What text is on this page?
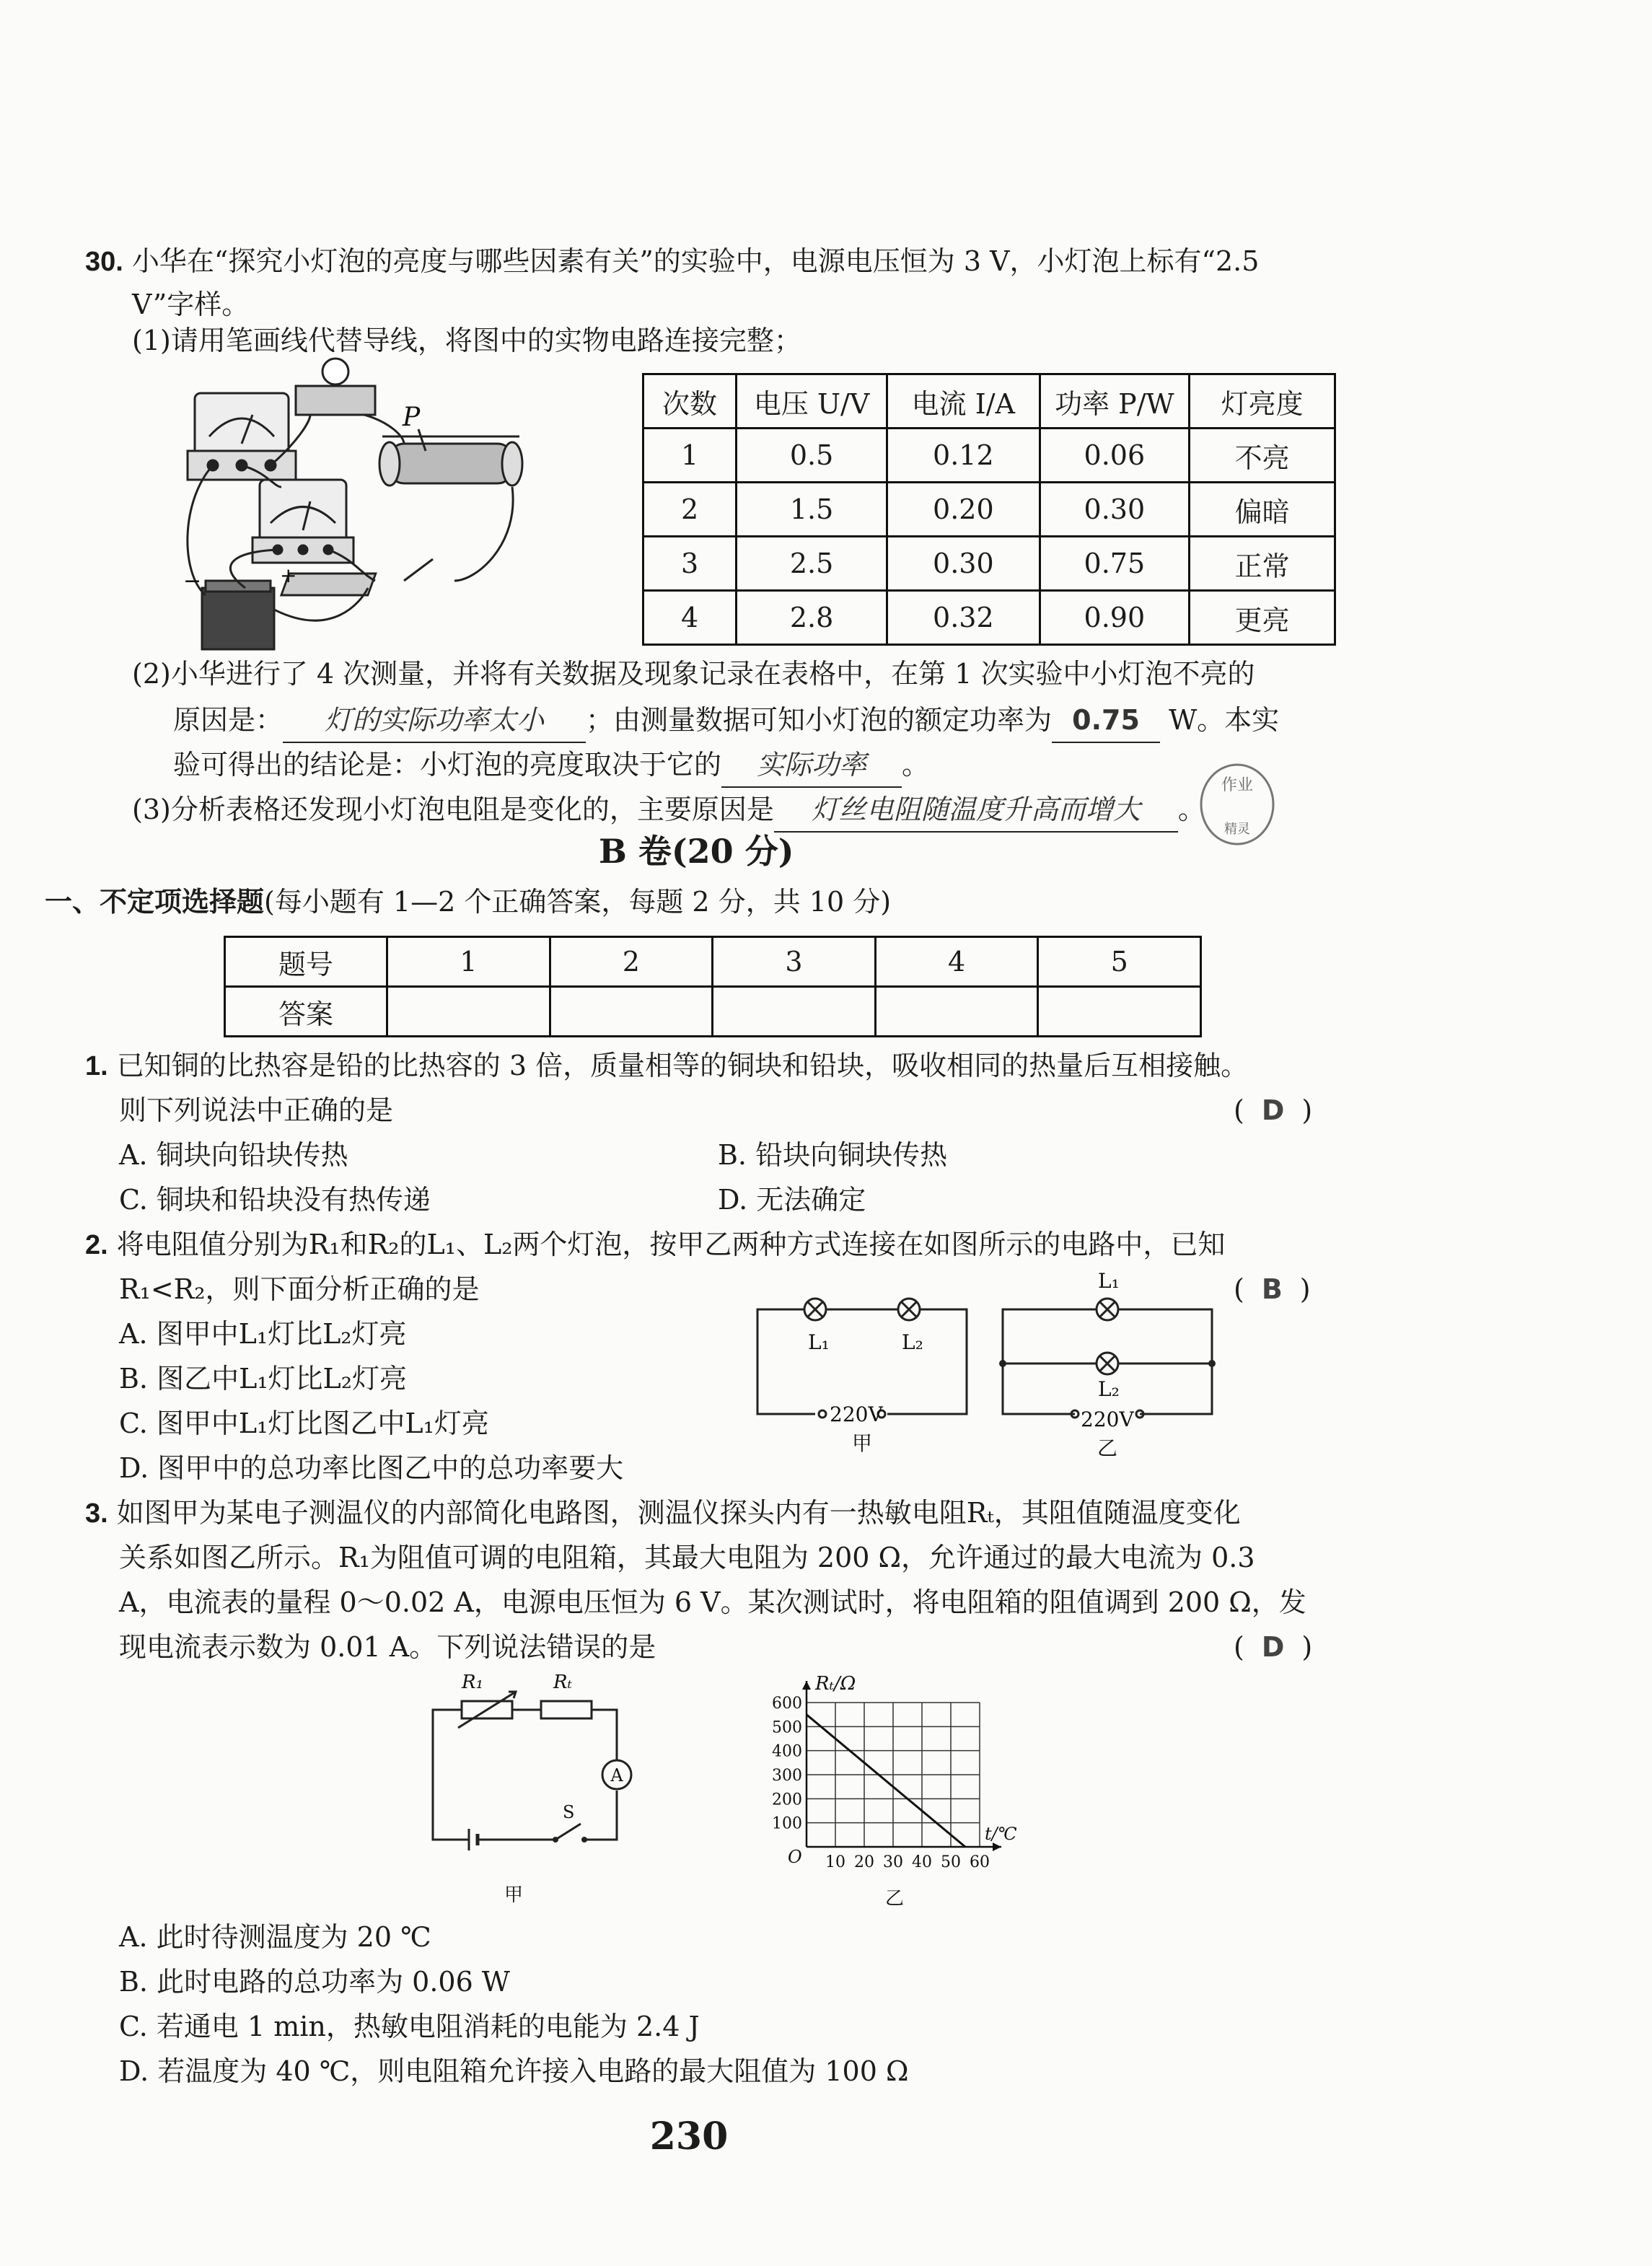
30. 小华在“探究小灯泡的亮度与哪些因素有关”的实验中，电源电压恒为 3 V，小灯泡上标有“2.5
V”字样。
(1)请用笔画线代替导线，将图中的实物电路连接完整；
P
+
−
次数	电压 U/V	电流 I/A	功率 P/W	灯亮度
1	0.5	0.12	0.06	不亮
2	1.5	0.20	0.30	偏暗
3	2.5	0.30	0.75	正常
4	2.8	0.32	0.90	更亮
(2)小华进行了 4 次测量，并将有关数据及现象记录在表格中，在第 1 次实验中小灯泡不亮的
原因是： 灯的实际功率太小 ；由测量数据可知小灯泡的额定功率为 0.75 W。本实
验可得出的结论是：小灯泡的亮度取决于它的 实际功率 。
(3)分析表格还发现小灯泡电阻是变化的，主要原因是 灯丝电阻随温度升高而增大 。
作业
精灵
B 卷(20 分)
一、不定项选择题(每小题有 1—2 个正确答案，每题 2 分，共 10 分)
题号	1	2	3	4	5
答案					
1. 已知铜的比热容是铅的比热容的 3 倍，质量相等的铜块和铅块，吸收相同的热量后互相接触。
则下列说法中正确的是	( D )
A. 铜块向铅块传热	B. 铅块向铜块传热
C. 铜块和铅块没有热传递	D. 无法确定
2. 将电阻值分别为R₁和R₂的L₁、L₂两个灯泡，按甲乙两种方式连接在如图所示的电路中，已知
R₁<R₂，则下面分析正确的是	( B )
A. 图甲中L₁灯比L₂灯亮
B. 图乙中L₁灯比L₂灯亮
C. 图甲中L₁灯比图乙中L₁灯亮
D. 图甲中的总功率比图乙中的总功率要大
L₁	L₂
220V
甲
L₁
L₂
220V
乙
3. 如图甲为某电子测温仪的内部简化电路图，测温仪探头内有一热敏电阻Rₜ，其阻值随温度变化
关系如图乙所示。R₁为阻值可调的电阻箱，其最大电阻为 200 Ω，允许通过的最大电流为 0.3
A，电流表的量程 0～0.02 A，电源电压恒为 6 V。某次测试时，将电阻箱的阻值调到 200 Ω，发
现电流表示数为 0.01 A。下列说法错误的是	( D )
R₁	Rₜ
A
S
甲
10 20 30 40 50 60
100
200
300
400
500
600
Rₜ/Ω
t/℃
O
乙
A. 此时待测温度为 20 ℃
B. 此时电路的总功率为 0.06 W
C. 若通电 1 min，热敏电阻消耗的电能为 2.4 J
D. 若温度为 40 ℃，则电阻箱允许接入电路的最大阻值为 100 Ω
230
